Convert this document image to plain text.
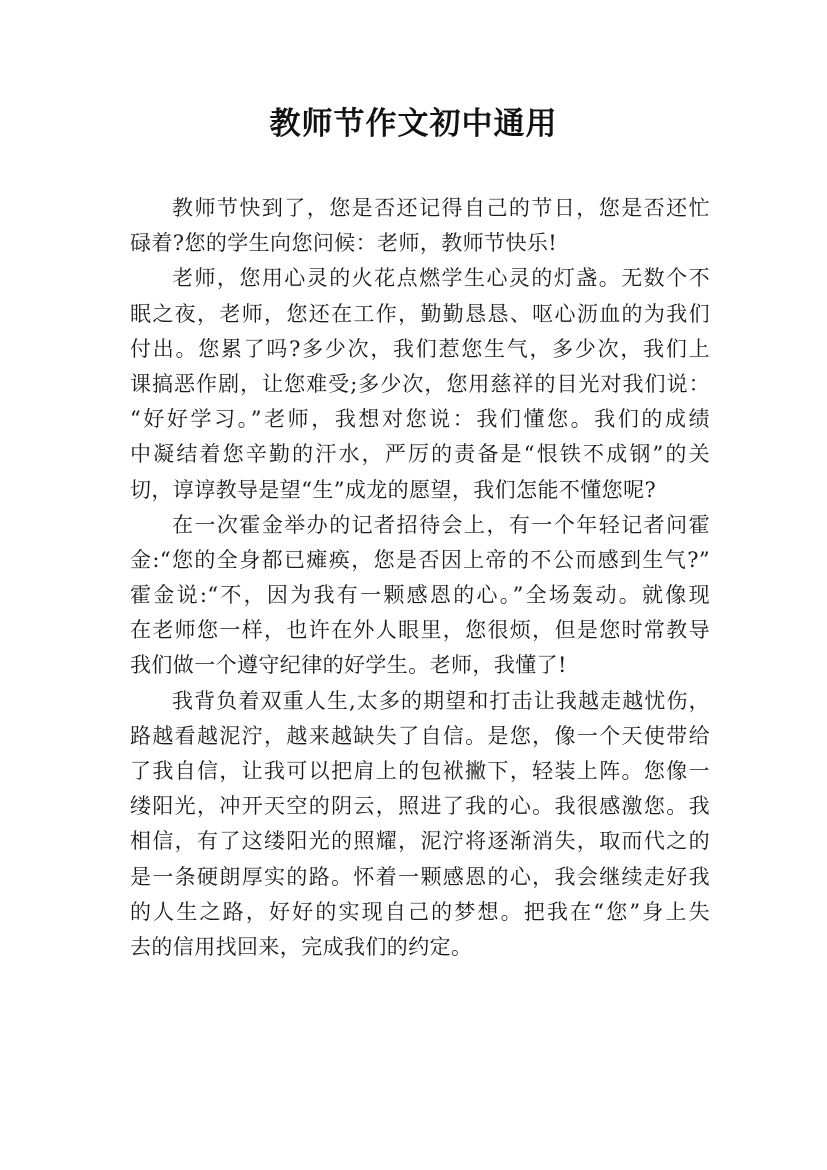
教师节作文初中通用
教师节快到了，您是否还记得自己的节日，您是否还忙
碌着?您的学生向您问候：老师，教师节快乐!
老师，您用心灵的火花点燃学生心灵的灯盏。无数个不
眠之夜，老师，您还在工作，勤勤恳恳、呕心沥血的为我们
付出。您累了吗?多少次，我们惹您生气，多少次，我们上
课搞恶作剧，让您难受;多少次，您用慈祥的目光对我们说：
“好好学习。”老师，我想对您说：我们懂您。我们的成绩
中凝结着您辛勤的汗水，严厉的责备是“恨铁不成钢”的关
切，谆谆教导是望“生”成龙的愿望，我们怎能不懂您呢?
在一次霍金举办的记者招待会上，有一个年轻记者问霍
金:“您的全身都已瘫痪，您是否因上帝的不公而感到生气?”
霍金说:“不，因为我有一颗感恩的心。”全场轰动。就像现
在老师您一样，也许在外人眼里，您很烦，但是您时常教导
我们做一个遵守纪律的好学生。老师，我懂了!
我背负着双重人生,太多的期望和打击让我越走越忧伤，
路越看越泥泞，越来越缺失了自信。是您，像一个天使带给
了我自信，让我可以把肩上的包袱撇下，轻装上阵。您像一
缕阳光，冲开天空的阴云，照进了我的心。我很感激您。我
相信，有了这缕阳光的照耀，泥泞将逐渐消失，取而代之的
是一条硬朗厚实的路。怀着一颗感恩的心，我会继续走好我
的人生之路，好好的实现自己的梦想。把我在“您”身上失
去的信用找回来，完成我们的约定。
